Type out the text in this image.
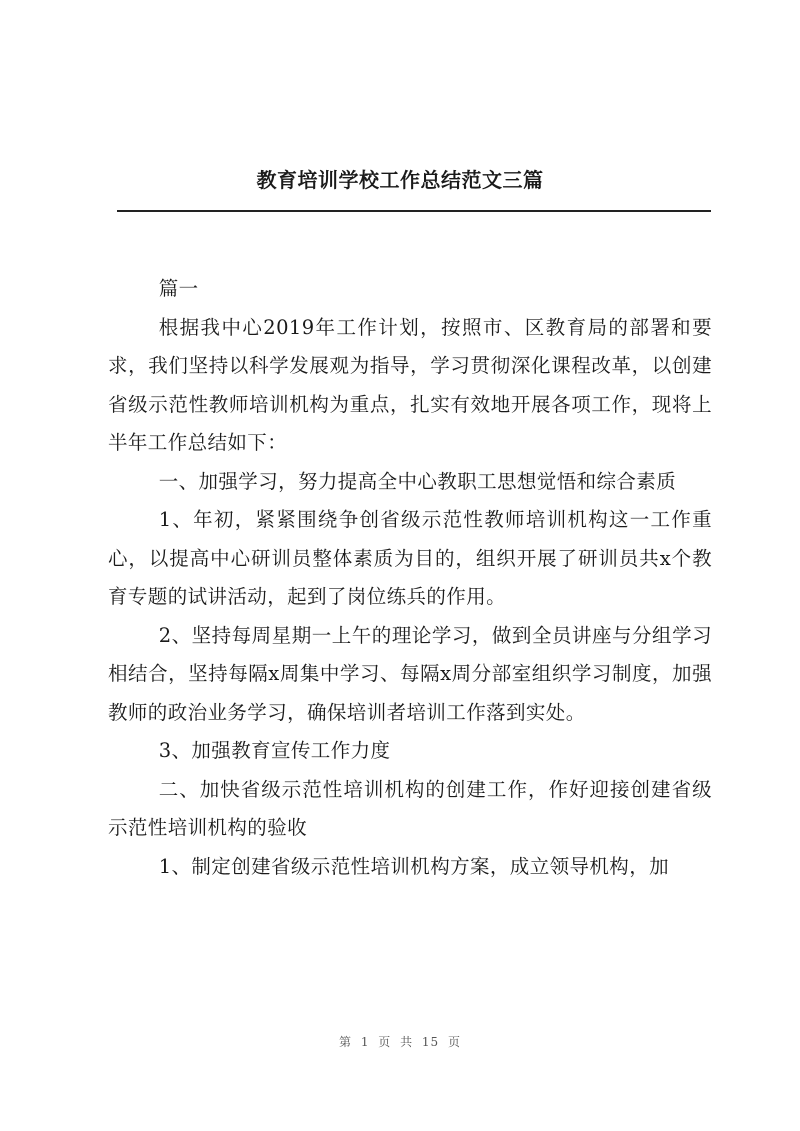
教育培训学校工作总结范文三篇

篇一

根据我中心2019年工作计划，按照市、区教育局的部署和要求，我们坚持以科学发展观为指导，学习贯彻深化课程改革，以创建省级示范性教师培训机构为重点，扎实有效地开展各项工作，现将上半年工作总结如下：

一、加强学习，努力提高全中心教职工思想觉悟和综合素质

1、年初，紧紧围绕争创省级示范性教师培训机构这一工作重心，以提高中心研训员整体素质为目的，组织开展了研训员共x个教育专题的试讲活动，起到了岗位练兵的作用。

2、坚持每周星期一上午的理论学习，做到全员讲座与分组学习相结合，坚持每隔x周集中学习、每隔x周分部室组织学习制度，加强教师的政治业务学习，确保培训者培训工作落到实处。

3、加强教育宣传工作力度

二、加快省级示范性培训机构的创建工作，作好迎接创建省级示范性培训机构的验收

1、制定创建省级示范性培训机构方案，成立领导机构，加

第 1 页 共 15 页
